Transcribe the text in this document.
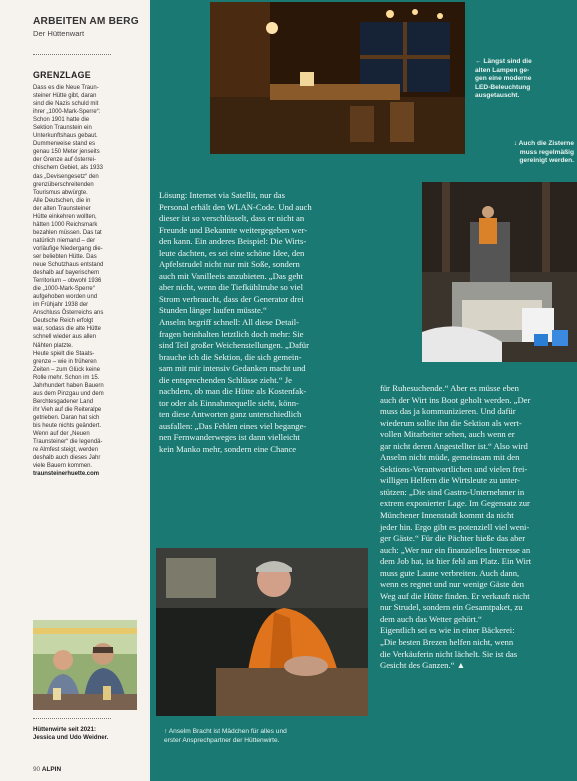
ARBEITEN AM BERG
Der Hüttenwart
GRENZLAGE
Dass es die Neue Traun-
steiner Hütte gibt, daran
sind die Nazis schuld mit
ihrer „1000-Mark-Sperre“:
Schon 1901 hatte die
Sektion Traunstein ein
Unterkunftshaus gebaut.
Dummerweise stand es
genau 150 Meter jenseits
der Grenze auf österrei-
chischem Gebiet, als 1933
das „Devisengesetz“ den
grenzüberschreitenden
Tourismus abwürgte.
Alle Deutschen, die in
der alten Traunsteiner
Hütte einkehren wollten,
hätten 1000 Reichsmark
bezahlen müssen. Das tat
natürlich niemand – der
vorläufige Niedergang die-
ser beliebten Hütte. Das
neue Schutzhaus entstand
deshalb auf bayerischem
Territorium – obwohl 1936
die „1000-Mark-Sperre“
aufgehoben worden und
im Frühjahr 1938 der
Anschluss Österreichs ans
Deutsche Reich erfolgt
war, sodass die alte Hütte
schnell wieder aus allen
Nähten platzte.
Heute spielt die Staats-
grenze – wie in früheren
Zeiten – zum Glück keine
Rolle mehr. Schon im 15.
Jahrhundert haben Bauern
aus dem Pinzgau und dem
Berchtesgadener Land
ihr Vieh auf die Reiteralpe
getrieben. Daran hat sich
bis heute nichts geändert.
Wenn auf der „Neuen
Traunsteiner“ die legendä-
re Almfest steigt, werden
deshalb auch dieses Jahr
viele Bauern kommen.
traunsteinerhuette.com
Hüttenwirte seit 2021:
Jessica und Udo Weidner.
90 ALPIN
← Längst sind die
alten Lampen ge-
gen eine moderne
LED-Beleuchtung
ausgetauscht.
↓ Auch die Zisterne
muss regelmäßig
gereinigt werden.
Lösung: Internet via Satellit, nur das
Personal erhält den WLAN-Code. Und auch
dieser ist so verschlüsselt, dass er nicht an
Freunde und Bekannte weitergegeben wer-
den kann. Ein anderes Beispiel: Die Wirts-
leute dachten, es sei eine schöne Idee, den
Apfelstrudel nicht nur mit Soße, sondern
auch mit Vanilleeis anzubieten. „Das geht
aber nicht, wenn die Tiefkühltruhe so viel
Strom verbraucht, dass der Generator drei
Stunden länger laufen müsste.“
Anselm begriff schnell: All diese Detail-
fragen beinhalten letztlich doch mehr: Sie
sind Teil großer Weichenstellungen. „Dafür
brauche ich die Sektion, die sich gemein-
sam mit mir intensiv Gedanken macht und
die entsprechenden Schlüsse zieht.“ Je
nachdem, ob man die Hütte als Kostenfak-
tor oder als Einnahmequelle sieht, könn-
ten diese Antworten ganz unterschiedlich
ausfallen: „Das Fehlen eines viel begange-
nen Fernwanderweges ist dann vielleicht
kein Manko mehr, sondern eine Chance
↑ Anselm Bracht ist Mädchen für alles und
erster Ansprechpartner der Hüttenwirte.
für Ruhesuchende.“ Aber es müsse eben
auch der Wirt ins Boot geholt werden. „Der
muss das ja kommunizieren. Und dafür
wiederum sollte ihn die Sektion als wert-
vollen Mitarbeiter sehen, auch wenn er
gar nicht deren Angestellter ist.“ Also wird
Anselm nicht müde, gemeinsam mit den
Sektions-Verantwortlichen und vielen frei-
willigen Helfern die Wirtsleute zu unter-
stützen: „Die sind Gastro-Unternehmer in
extrem exponierter Lage. Im Gegensatz zur
Münchener Innenstadt kommt da nicht
jeder hin. Ergo gibt es potenziell viel weni-
ger Gäste.“ Für die Pächter hieße das aber
auch: „Wer nur ein finanzielles Interesse an
dem Job hat, ist hier fehl am Platz. Ein Wirt
muss gute Laune verbreiten. Auch dann,
wenn es regnet und nur wenige Gäste den
Weg auf die Hütte finden. Er verkauft nicht
nur Strudel, sondern ein Gesamtpaket, zu
dem auch das Wetter gehört.“
Eigentlich sei es wie in einer Bäckerei:
„Die besten Brezen helfen nicht, wenn
die Verkäuferin nicht lächelt. Sie ist das
Gesicht des Ganzen.“ ▲
